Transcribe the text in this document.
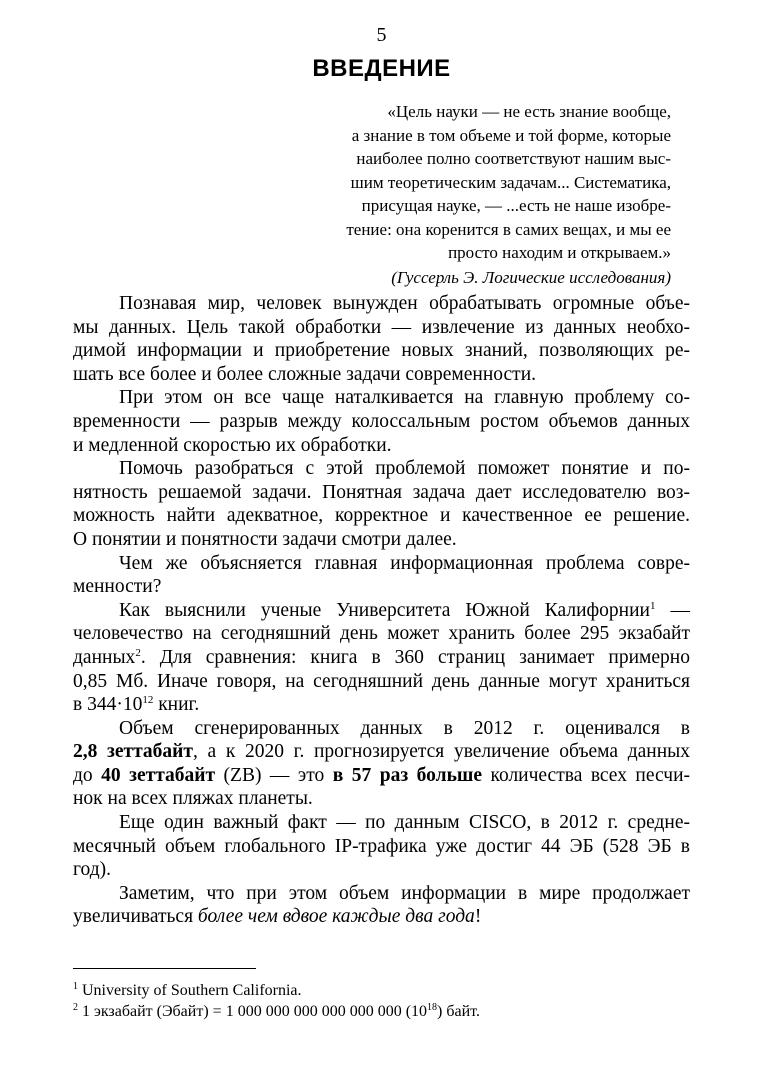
5
ВВЕДЕНИЕ
«Цель науки — не есть знание вообще,
а знание в том объеме и той форме, которые
наиболее полно соответствуют нашим выс-
шим теоретическим задачам... Систематика,
присущая науке, — ...есть не наше изобре-
тение: она коренится в самих вещах, и мы ее
просто находим и открываем.»
(Гуссерль Э. Логические исследования)
Познавая мир, человек вынужден обрабатывать огромные объе-
мы данных. Цель такой обработки — извлечение из данных необхо-
димой информации и приобретение новых знаний, позволяющих ре-
шать все более и более сложные задачи современности.
При этом он все чаще наталкивается на главную проблему со-
временности — разрыв между колоссальным ростом объемов данных
и медленной скоростью их обработки.
Помочь разобраться с этой проблемой поможет понятие и по-
нятность решаемой задачи. Понятная задача дает исследователю воз-
можность найти адекватное, корректное и качественное ее решение.
О понятии и понятности задачи смотри далее.
Чем же объясняется главная информационная проблема совре-
менности?
Как выяснили ученые Университета Южной Калифорнии$^1$ —
человечество на сегодняшний день может хранить более 295 экзабайт
данных$^2$. Для сравнения: книга в 360 страниц занимает примерно
0,85 Мб. Иначе говоря, на сегодняшний день данные могут храниться
в $344\cdot 10^{12}$ книг.
Объем сгенерированных данных в 2012 г. оценивался в
2,8 зеттабайт, а к 2020 г. прогнозируется увеличение объема данных
до 40 зеттабайт (ZB) — это в 57 раз больше количества всех песчи-
нок на всех пляжах планеты.
Еще один важный факт — по данным CISCO, в 2012 г. средне-
месячный объем глобального IP-трафика уже достиг 44 ЭБ (528 ЭБ в
год).
Заметим, что при этом объем информации в мире продолжает
увеличиваться более чем вдвое каждые два года!
$^1$ University of Southern California.
$^2$ 1 экзабайт (Эбайт) = 1 000 000 000 000 000 000 $(10^{18})$ байт.
